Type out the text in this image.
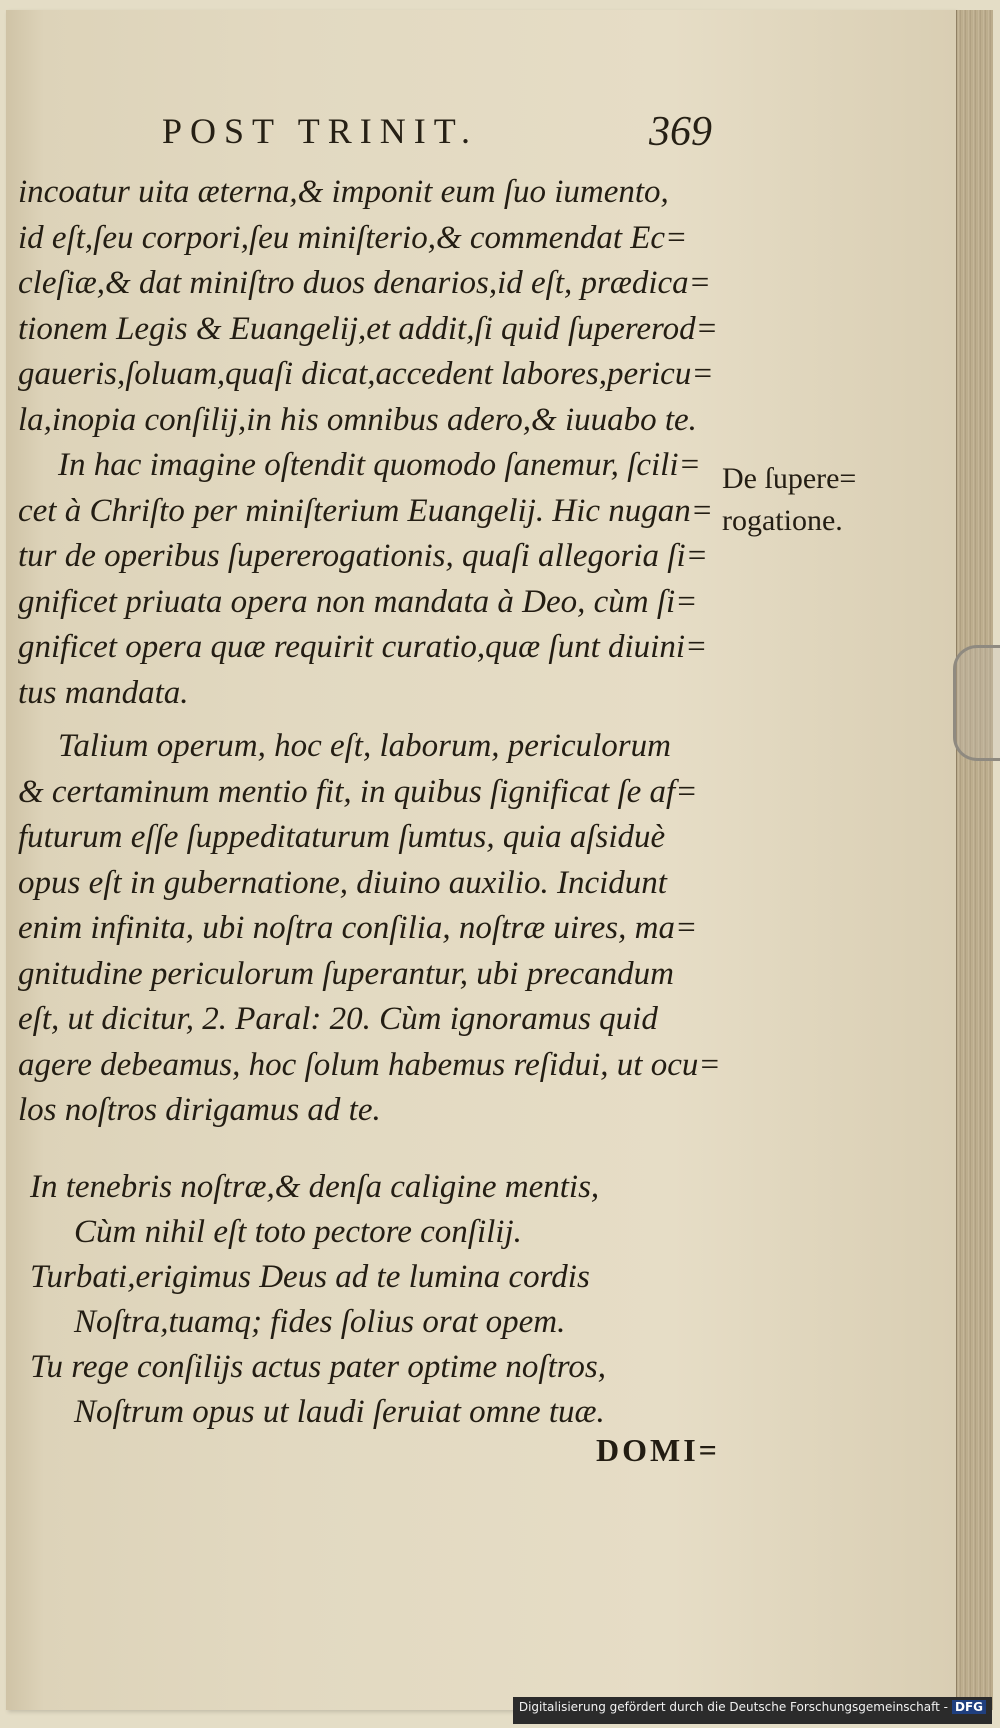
POST TRINIT.	369
incoatur uita æterna,& imponit eum ſuo iumento,
id eſt,ſeu corpori,ſeu miniſterio,& commendat Ec=
cleſiæ,& dat miniſtro duos denarios,id eſt, prædica=
tionem Legis & Euangelij,et addit,ſi quid ſupererod=
gaueris,ſoluam,quaſi dicat,accedent labores,pericu=
la,inopia conſilij,in his omnibus adero,& iuuabo te.
In hac imagine oſtendit quomodo ſanemur, ſcili=
cet à Chriſto per miniſterium Euangelij. Hic nugan=
tur de operibus ſupererogationis, quaſi allegoria ſi=
gnificet priuata opera non mandata à Deo, cùm ſi=
gnificet opera quæ requirit curatio,quæ ſunt diuini=
tus mandata.
Talium operum, hoc eſt, laborum, periculorum
& certaminum mentio fit, in quibus ſignificat ſe af=
futurum eſſe ſuppeditaturum ſumtus, quia aſsiduè
opus eſt in gubernatione, diuino auxilio. Incidunt
enim infinita, ubi noſtra conſilia, noſtræ uires, ma=
gnitudine periculorum ſuperantur, ubi precandum
eſt, ut dicitur, 2. Paral: 20. Cùm ignoramus quid
agere debeamus, hoc ſolum habemus reſidui, ut ocu=
los noſtros dirigamus ad te.
De ſupere=
rogatione.
In tenebris noſtræ,& denſa caligine mentis,
Cùm nihil eſt toto pectore conſilij.
Turbati,erigimus Deus ad te lumina cordis
Noſtra,tuamq; fides ſolius orat opem.
Tu rege conſilijs actus pater optime noſtros,
Noſtrum opus ut laudi ſeruiat omne tuæ.
DOMI=
Digitalisierung gefördert durch die Deutsche Forschungsgemeinschaft - DFG
